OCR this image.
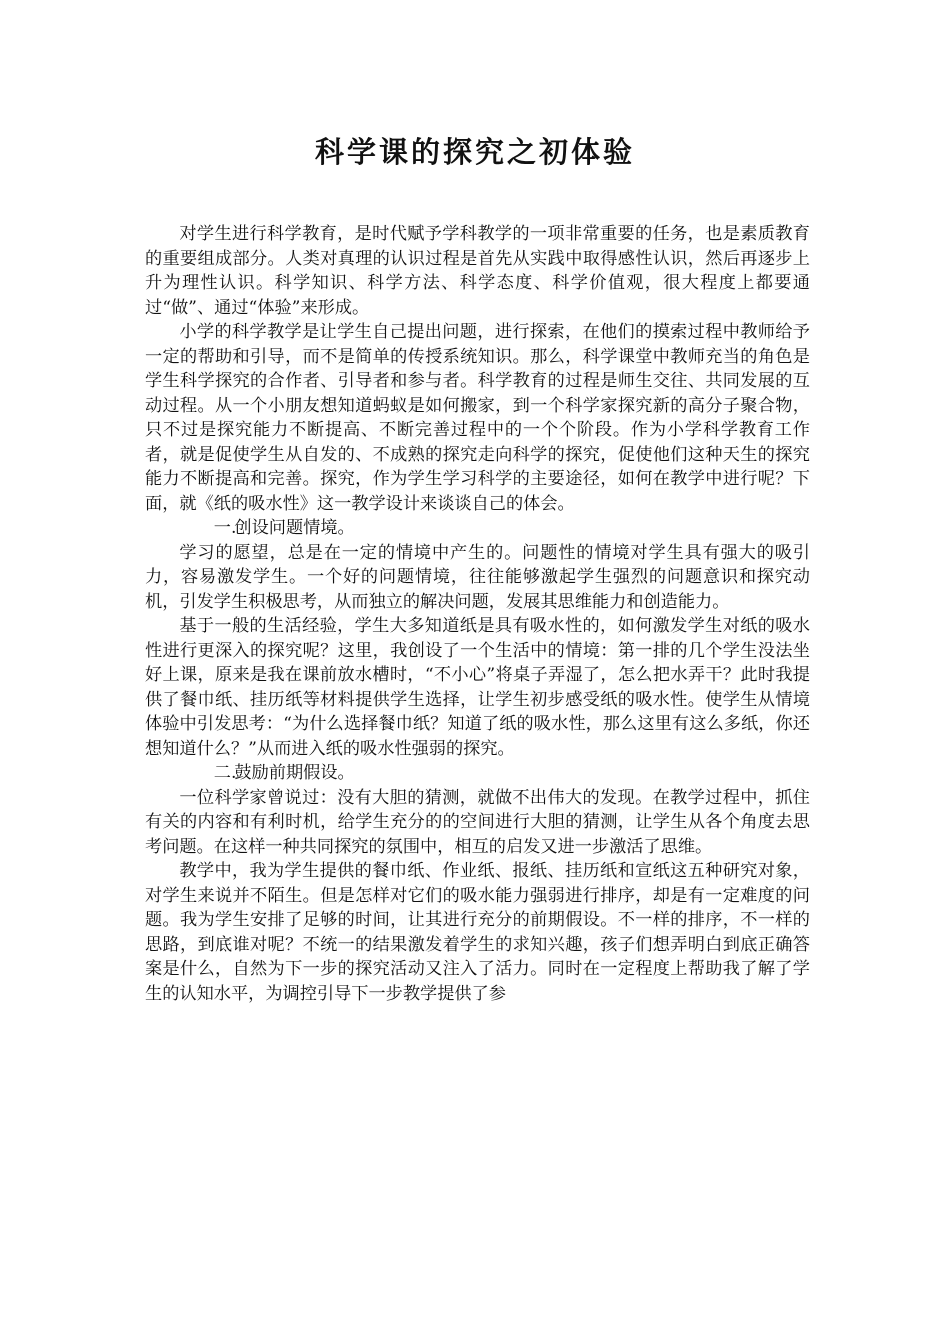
科学课的探究之初体验

对学生进行科学教育，是时代赋予学科教学的一项非常重要的任务，也是素质教育的重要组成部分。人类对真理的认识过程是首先从实践中取得感性认识，然后再逐步上升为理性认识。科学知识、科学方法、科学态度、科学价值观，很大程度上都要通过“做”、通过“体验”来形成。

小学的科学教学是让学生自己提出问题，进行探索，在他们的摸索过程中教师给予一定的帮助和引导，而不是简单的传授系统知识。那么，科学课堂中教师充当的角色是学生科学探究的合作者、引导者和参与者。科学教育的过程是师生交往、共同发展的互动过程。从一个小朋友想知道蚂蚁是如何搬家，到一个科学家探究新的高分子聚合物，只不过是探究能力不断提高、不断完善过程中的一个个阶段。作为小学科学教育工作者，就是促使学生从自发的、不成熟的探究走向科学的探究，促使他们这种天生的探究能力不断提高和完善。探究，作为学生学习科学的主要途径，如何在教学中进行呢？下面，就《纸的吸水性》这一教学设计来谈谈自己的体会。

一.创设问题情境。

学习的愿望，总是在一定的情境中产生的。问题性的情境对学生具有强大的吸引力，容易激发学生。一个好的问题情境，往往能够激起学生强烈的问题意识和探究动机，引发学生积极思考，从而独立的解决问题，发展其思维能力和创造能力。

基于一般的生活经验，学生大多知道纸是具有吸水性的，如何激发学生对纸的吸水性进行更深入的探究呢？这里，我创设了一个生活中的情境：第一排的几个学生没法坐好上课，原来是我在课前放水槽时，“不小心”将桌子弄湿了，怎么把水弄干？此时我提供了餐巾纸、挂历纸等材料提供学生选择，让学生初步感受纸的吸水性。使学生从情境体验中引发思考：“为什么选择餐巾纸？知道了纸的吸水性，那么这里有这么多纸，你还想知道什么？”从而进入纸的吸水性强弱的探究。

二.鼓励前期假设。

一位科学家曾说过：没有大胆的猜测，就做不出伟大的发现。在教学过程中，抓住有关的内容和有利时机，给学生充分的的空间进行大胆的猜测，让学生从各个角度去思考问题。在这样一种共同探究的氛围中，相互的启发又进一步激活了思维。

教学中，我为学生提供的餐巾纸、作业纸、报纸、挂历纸和宣纸这五种研究对象，对学生来说并不陌生。但是怎样对它们的吸水能力强弱进行排序，却是有一定难度的问题。我为学生安排了足够的时间，让其进行充分的前期假设。不一样的排序，不一样的思路，到底谁对呢？不统一的结果激发着学生的求知兴趣，孩子们想弄明白到底正确答案是什么，自然为下一步的探究活动又注入了活力。同时在一定程度上帮助我了解了学生的认知水平，为调控引导下一步教学提供了参
